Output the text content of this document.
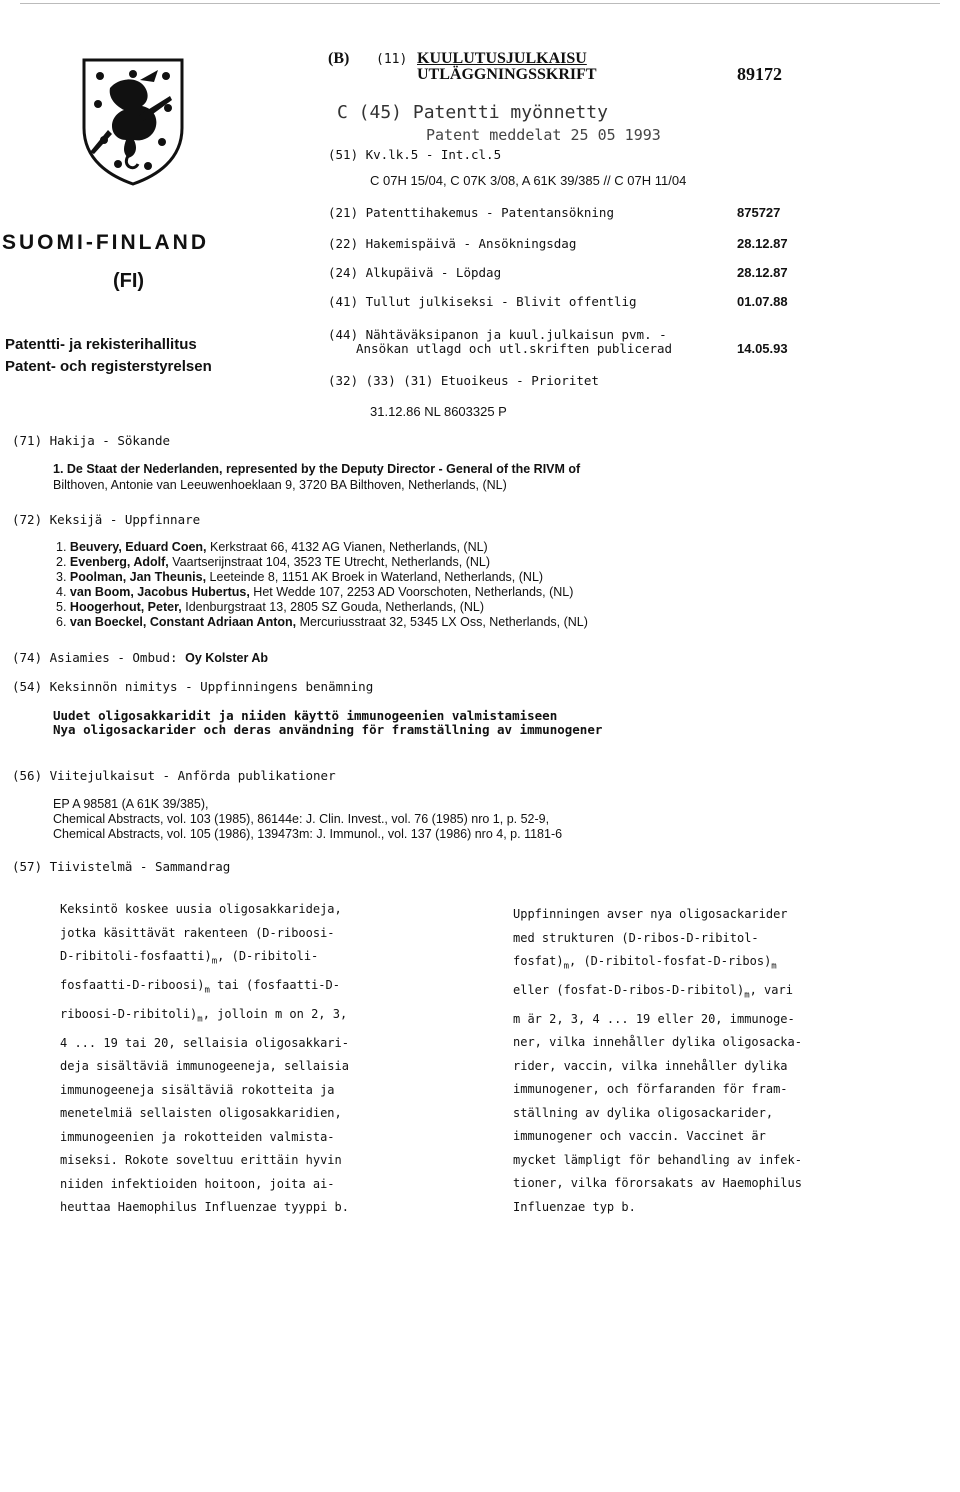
SUOMI-FINLAND
(FI)
Patentti- ja rekisterihallitus
Patent- och registerstyrelsen
(B) (11) KUULUTUSJULKAISU
UTLÄGGNINGSSKRIFT	89172
C (45) Patentti myönnetty
Patent meddelat 25 05 1993
(51) Kv.lk.5 - Int.cl.5
C 07H 15/04, C 07K 3/08, A 61K 39/385 // C 07H 11/04
(21) Patenttihakemus - Patentansökning	875727
(22) Hakemispäivä - Ansökningsdag	28.12.87
(24) Alkupäivä - Löpdag	28.12.87
(41) Tullut julkiseksi - Blivit offentlig	01.07.88
(44) Nähtäväksipanon ja kuul.julkaisun pvm. -
Ansökan utlagd och utl.skriften publicerad	14.05.93
(32) (33) (31) Etuoikeus - Prioritet
31.12.86 NL 8603325 P
(71) Hakija - Sökande
1. De Staat der Nederlanden, represented by the Deputy Director - General of the RIVM of
Bilthoven, Antonie van Leeuwenhoeklaan 9, 3720 BA Bilthoven, Netherlands, (NL)
(72) Keksijä - Uppfinnare
1. Beuvery, Eduard Coen, Kerkstraat 66, 4132 AG Vianen, Netherlands, (NL)
2. Evenberg, Adolf, Vaartserijnstraat 104, 3523 TE Utrecht, Netherlands, (NL)
3. Poolman, Jan Theunis, Leeteinde 8, 1151 AK Broek in Waterland, Netherlands, (NL)
4. van Boom, Jacobus Hubertus, Het Wedde 107, 2253 AD Voorschoten, Netherlands, (NL)
5. Hoogerhout, Peter, Idenburgstraat 13, 2805 SZ Gouda, Netherlands, (NL)
6. van Boeckel, Constant Adriaan Anton, Mercuriusstraat 32, 5345 LX Oss, Netherlands, (NL)
(74) Asiamies - Ombud: Oy Kolster Ab
(54) Keksinnön nimitys - Uppfinningens benämning
Uudet oligosakkaridit ja niiden käyttö immunogeenien valmistamiseen
Nya oligosackarider och deras användning för framställning av immunogener
(56) Viitejulkaisut - Anförda publikationer
EP A 98581 (A 61K 39/385),
Chemical Abstracts, vol. 103 (1985), 86144e: J. Clin. Invest., vol. 76 (1985) nro 1, p. 52-9,
Chemical Abstracts, vol. 105 (1986), 139473m: J. Immunol., vol. 137 (1986) nro 4, p. 1181-6
(57) Tiivistelmä - Sammandrag
Keksintö koskee uusia oligosakkarideja,
jotka käsittävät rakenteen (D-riboosi-
$D-ribitoli-fosfaatti)_m$, (D-ribitoli-
fosfaatti-$D-riboosi)_m$ tai (fosfaatti-D-
riboosi-$D-ribitoli)_m$, jolloin m on 2, 3,
4 ... 19 tai 20, sellaisia oligosakkari-
deja sisältäviä immunogeeneja, sellaisia
immunogeeneja sisältäviä rokotteita ja
menetelmiä sellaisten oligosakkaridien,
immunogeenien ja rokotteiden valmista-
miseksi. Rokote soveltuu erittäin hyvin
niiden infektioiden hoitoon, joita ai-
heuttaa Haemophilus Influenzae tyyppi b.
Uppfinningen avser nya oligosackarider
med strukturen (D-ribos-D-ribitol-
$fosfat)_m$, $(D-ribitol-fosfat-D-ribos)_m$
eller $(fosfat-D-ribos-D-ribitol)_m$, vari
m är 2, 3, 4 ... 19 eller 20, immunoge-
ner, vilka innehåller dylika oligosacka-
rider, vaccin, vilka innehåller dylika
immunogener, och förfaranden för fram-
ställning av dylika oligosackarider,
immunogener och vaccin. Vaccinet är
mycket lämpligt för behandling av infek-
tioner, vilka förorsakats av Haemophilus
Influenzae typ b.
